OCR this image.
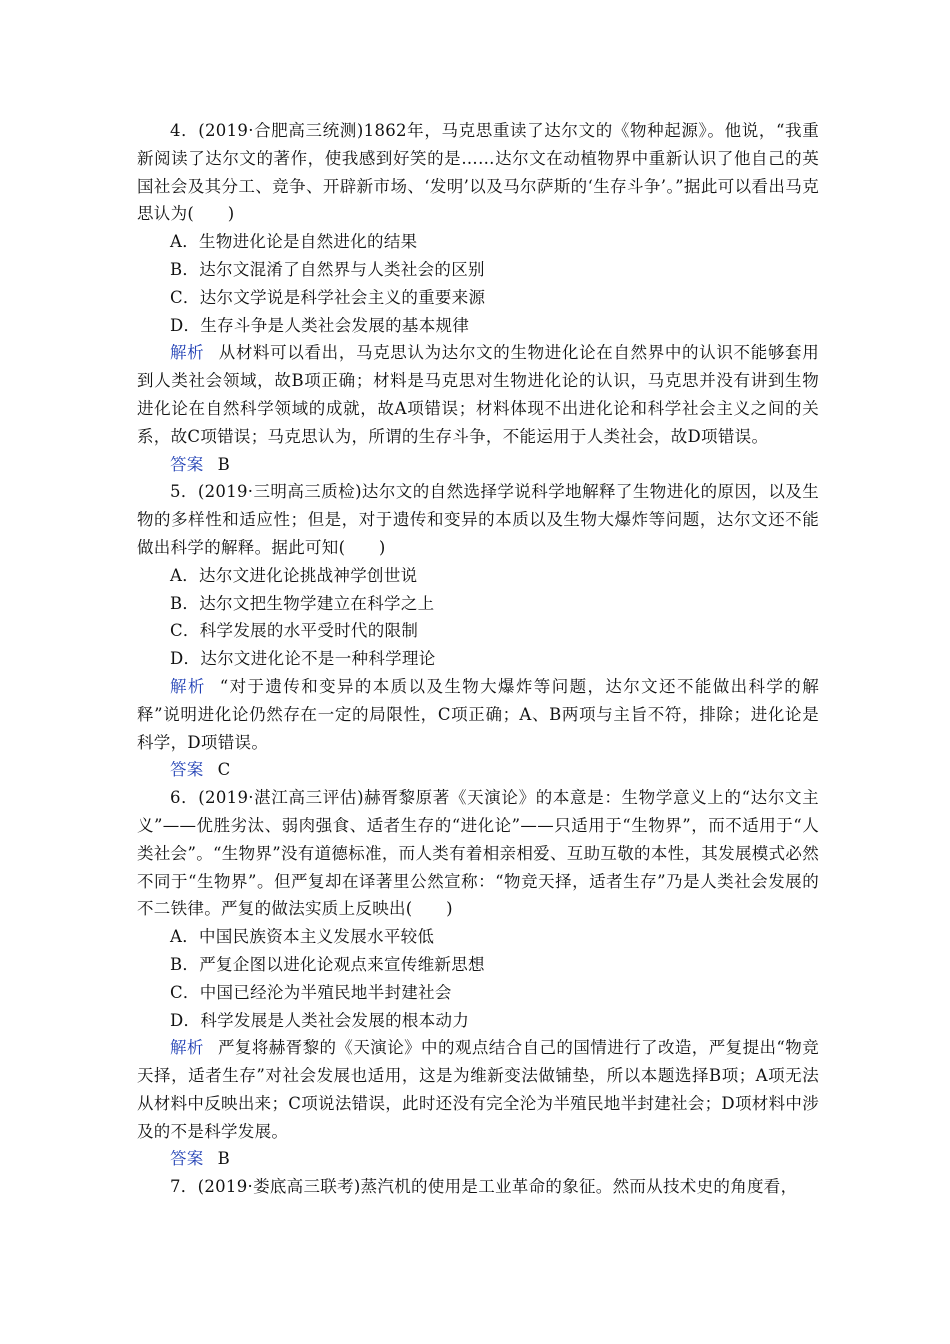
4．(2019·合肥高三统测)1862年，马克思重读了达尔文的《物种起源》。他说，“我重新阅读了达尔文的著作，使我感到好笑的是……达尔文在动植物界中重新认识了他自己的英国社会及其分工、竞争、开辟新市场、‘发明’以及马尔萨斯的‘生存斗争’。”据此可以看出马克思认为(　　)

A．生物进化论是自然进化的结果
B．达尔文混淆了自然界与人类社会的区别
C．达尔文学说是科学社会主义的重要来源
D．生存斗争是人类社会发展的基本规律

解析 从材料可以看出，马克思认为达尔文的生物进化论在自然界中的认识不能够套用到人类社会领域，故B项正确；材料是马克思对生物进化论的认识，马克思并没有讲到生物进化论在自然科学领域的成就，故A项错误；材料体现不出进化论和科学社会主义之间的关系，故C项错误；马克思认为，所谓的生存斗争，不能运用于人类社会，故D项错误。

答案 B

5．(2019·三明高三质检)达尔文的自然选择学说科学地解释了生物进化的原因，以及生物的多样性和适应性；但是，对于遗传和变异的本质以及生物大爆炸等问题，达尔文还不能做出科学的解释。据此可知(　　)

A．达尔文进化论挑战神学创世说
B．达尔文把生物学建立在科学之上
C．科学发展的水平受时代的限制
D．达尔文进化论不是一种科学理论

解析 “对于遗传和变异的本质以及生物大爆炸等问题，达尔文还不能做出科学的解释”说明进化论仍然存在一定的局限性，C项正确；A、B两项与主旨不符，排除；进化论是科学，D项错误。

答案 C

6．(2019·湛江高三评估)赫胥黎原著《天演论》的本意是：生物学意义上的“达尔文主义”——优胜劣汰、弱肉强食、适者生存的“进化论”——只适用于“生物界”，而不适用于“人类社会”。“生物界”没有道德标准，而人类有着相亲相爱、互助互敬的本性，其发展模式必然不同于“生物界”。但严复却在译著里公然宣称：“物竞天择，适者生存”乃是人类社会发展的不二铁律。严复的做法实质上反映出(　　)

A．中国民族资本主义发展水平较低
B．严复企图以进化论观点来宣传维新思想
C．中国已经沦为半殖民地半封建社会
D．科学发展是人类社会发展的根本动力

解析 严复将赫胥黎的《天演论》中的观点结合自己的国情进行了改造，严复提出“物竞天择，适者生存”对社会发展也适用，这是为维新变法做铺垫，所以本题选择B项；A项无法从材料中反映出来；C项说法错误，此时还没有完全沦为半殖民地半封建社会；D项材料中涉及的不是科学发展。

答案 B

7．(2019·娄底高三联考)蒸汽机的使用是工业革命的象征。然而从技术史的角度看，
